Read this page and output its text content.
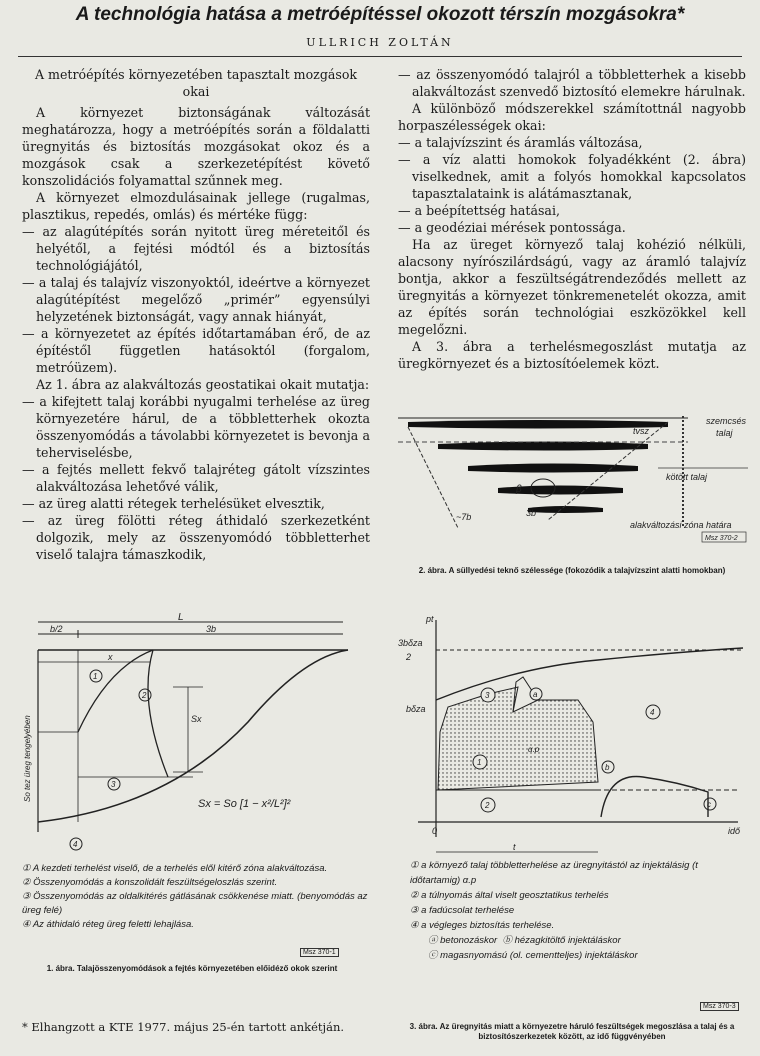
A technológia hatása a metróépítéssel okozott térszín mozgásokra*
ULLRICH ZOLTÁN

A metróépítés környezetében tapasztalt mozgások okai

A környezet biztonságának változását meghatározza, hogy a metróépítés során a földalatti üregnyitás és biztosítás mozgásokat okoz és a mozgások csak a szerkezetépítést követő konszolidációs folyamattal szűnnek meg.

A környezet elmozdulásainak jellege (rugalmas, plasztikus, repedés, omlás) és mértéke függ:

— az alagútépítés során nyitott üreg méreteitől és helyétől, a fejtési módtól és a biztosítás technológiájától,

— a talaj és talajvíz viszonyoktól, ideértve a környezet alagútépítést megelőző „primér” egyensúlyi helyzetének biztonságát, vagy annak hiányát,

— a környezetet az építés időtartamában érő, de az építéstől független hatásoktól (forgalom, metróüzem).

Az 1. ábra az alakváltozás geostatikai okait mutatja:

— a kifejtett talaj korábbi nyugalmi terhelése az üreg környezetére hárul, de a többletterhek okozta összenyomódás a távolabbi környezetet is bevonja a teherviselésbe,

— a fejtés mellett fekvő talajréteg gátolt vízszintes alakváltozása lehetővé válik,

— az üreg alatti rétegek terhelésüket elvesztik,

— az üreg fölötti réteg áthidaló szerkezetként dolgozik, mely az összenyomódó többletterhet viselő talajra támaszkodik,

— az összenyomódó talajról a többletterhek a kisebb alakváltozást szenvedő biztosító elemekre hárulnak.

A különböző módszerekkel számítottnál nagyobb horpaszélességek okai:

— a talajvízszint és áramlás változása,

— a víz alatti homokok folyadékként (2. ábra) viselkednek, amit a folyós homokkal kapcsolatos tapasztalataink is alátámasztanak,

— a beépítettség hatásai,

— a geodéziai mérések pontossága.

Ha az üreget környező talaj kohézió nélküli, alacsony nyírószilárdságú, vagy az áramló talajvíz bontja, akkor a feszültségátrendeződés mellett az üregnyitás a környezet tönkremenetelét okozza, amit az építés során technológiai eszközökkel kell megelőzni.

A 3. ábra a terhelésmegoszlást mutatja az üregkörnyezet és a biztosítóelemek közt.

tvsz
szemcsés
talaj
kötött talaj
β
3b
~7b
alakváltozási zóna határa
Msz 370-2
2. ábra. A süllyedési teknő szélessége (fokozódik a talajvízszint alatti homokban)
L
b/2	3b
x
Sx
So tez üreg tengelyében
Sx = So [1 − x²/L²]²
1
2
3
4
① A kezdeti terhelést viselő, de a terhelés elől kitérő zóna alakváltozása.
② Összenyomódás a konszolidált feszültségeloszlás szerint.
③ Összenyomódás az oldalkitérés gátlásának csökkenése miatt. (benyomódás az üreg felé)
④ Az áthidaló réteg üreg feletti lehajlása.
Msz 370-1
1. ábra. Talajösszenyomódások a fejtés környezetében előidéző okok szerint
* Elhangzott a KTE 1977. május 25-én tartott ankétján.
pt
3bδza
2
bδza
3
1
2
4
a
b
c
α.p
0
t
idő
① a környező talaj többletterhelése az üregnyitástól az injektálásig (t időtartamig) α.p
② a túlnyomás által viselt geosztatikus terhelés
③ a fadúcsolat terhelése
④ a végleges biztosítás terhelése.
ⓐ betonozáskor  ⓑ hézagkitöltő injektáláskor
ⓒ magasnyomású (ol. cementteljes) injektáláskor
Msz 370-3
3. ábra. Az üregnyitás miatt a környezetre háruló feszültségek megoszlása a talaj és a biztosítószerkezetek között, az idő függvényében
